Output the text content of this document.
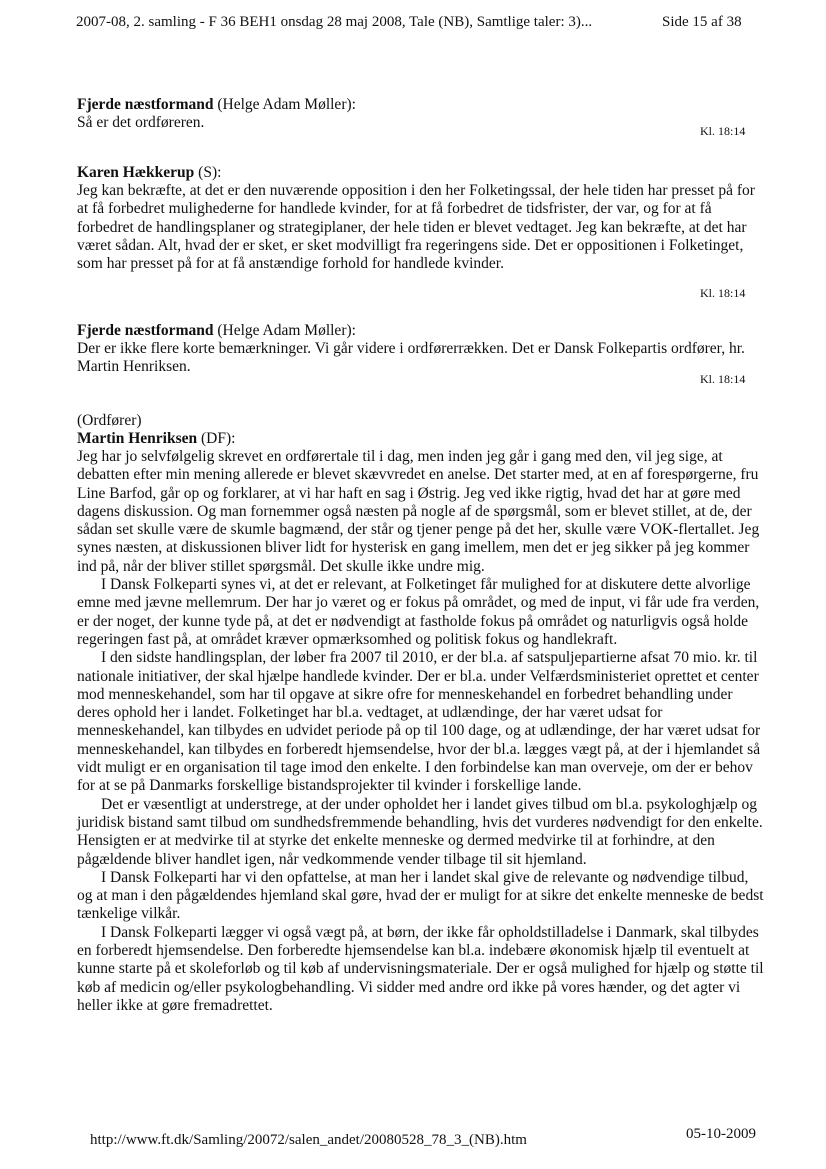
2007-08, 2. samling - F 36 BEH1 onsdag 28 maj 2008, Tale (NB), Samtlige taler: 3)...	Side 15 af 38
Fjerde næstformand (Helge Adam Møller):

Så er det ordføreren.	Kl. 18:14
Karen Hækkerup (S):

Jeg kan bekræfte, at det er den nuværende opposition i den her Folketingssal, der hele tiden har presset på for at få forbedret mulighederne for handlede kvinder, for at få forbedret de tidsfrister, der var, og for at få forbedret de handlingsplaner og strategiplaner, der hele tiden er blevet vedtaget. Jeg kan bekræfte, at det har været sådan. Alt, hvad der er sket, er sket modvilligt fra regeringens side. Det er oppositionen i Folketinget, som har presset på for at få anstændige forhold for handlede kvinder.

Kl. 18:14
Fjerde næstformand (Helge Adam Møller):

Der er ikke flere korte bemærkninger. Vi går videre i ordførerrækken. Det er Dansk Folkepartis ordfører, hr. Martin Henriksen.

Kl. 18:14
(Ordfører)
Martin Henriksen (DF):

Jeg har jo selvfølgelig skrevet en ordførertale til i dag, men inden jeg går i gang med den, vil jeg sige, at debatten efter min mening allerede er blevet skævvredet en anelse. Det starter med, at en af forespørgerne, fru Line Barfod, går op og forklarer, at vi har haft en sag i Østrig. Jeg ved ikke rigtig, hvad det har at gøre med dagens diskussion. Og man fornemmer også næsten på nogle af de spørgsmål, som er blevet stillet, at de, der sådan set skulle være de skumle bagmænd, der står og tjener penge på det her, skulle være VOK-flertallet. Jeg synes næsten, at diskussionen bliver lidt for hysterisk en gang imellem, men det er jeg sikker på jeg kommer ind på, når der bliver stillet spørgsmål. Det skulle ikke undre mig.

I Dansk Folkeparti synes vi, at det er relevant, at Folketinget får mulighed for at diskutere dette alvorlige emne med jævne mellemrum. Der har jo været og er fokus på området, og med de input, vi får ude fra verden, er der noget, der kunne tyde på, at det er nødvendigt at fastholde fokus på området og naturligvis også holde regeringen fast på, at området kræver opmærksomhed og politisk fokus og handlekraft.

I den sidste handlingsplan, der løber fra 2007 til 2010, er der bl.a. af satspuljepartierne afsat 70 mio. kr. til nationale initiativer, der skal hjælpe handlede kvinder. Der er bl.a. under Velfærdsministeriet oprettet et center mod menneskehandel, som har til opgave at sikre ofre for menneskehandel en forbedret behandling under deres ophold her i landet. Folketinget har bl.a. vedtaget, at udlændinge, der har været udsat for menneskehandel, kan tilbydes en udvidet periode på op til 100 dage, og at udlændinge, der har været udsat for menneskehandel, kan tilbydes en forberedt hjemsendelse, hvor der bl.a. lægges vægt på, at der i hjemlandet så vidt muligt er en organisation til tage imod den enkelte. I den forbindelse kan man overveje, om der er behov for at se på Danmarks forskellige bistandsprojekter til kvinder i forskellige lande.

Det er væsentligt at understrege, at der under opholdet her i landet gives tilbud om bl.a. psykologhjælp og juridisk bistand samt tilbud om sundhedsfremmende behandling, hvis det vurderes nødvendigt for den enkelte. Hensigten er at medvirke til at styrke det enkelte menneske og dermed medvirke til at forhindre, at den pågældende bliver handlet igen, når vedkommende vender tilbage til sit hjemland.

I Dansk Folkeparti har vi den opfattelse, at man her i landet skal give de relevante og nødvendige tilbud, og at man i den pågældendes hjemland skal gøre, hvad der er muligt for at sikre det enkelte menneske de bedst tænkelige vilkår.

I Dansk Folkeparti lægger vi også vægt på, at børn, der ikke får opholdstilladelse i Danmark, skal tilbydes en forberedt hjemsendelse. Den forberedte hjemsendelse kan bl.a. indebære økonomisk hjælp til eventuelt at kunne starte på et skoleforløb og til køb af undervisningsmateriale. Der er også mulighed for hjælp og støtte til køb af medicin og/eller psykologbehandling. Vi sidder med andre ord ikke på vores hænder, og det agter vi heller ikke at gøre fremadrettet.

http://www.ft.dk/Samling/20072/salen_andet/20080528_78_3_(NB).htm	05-10-2009
